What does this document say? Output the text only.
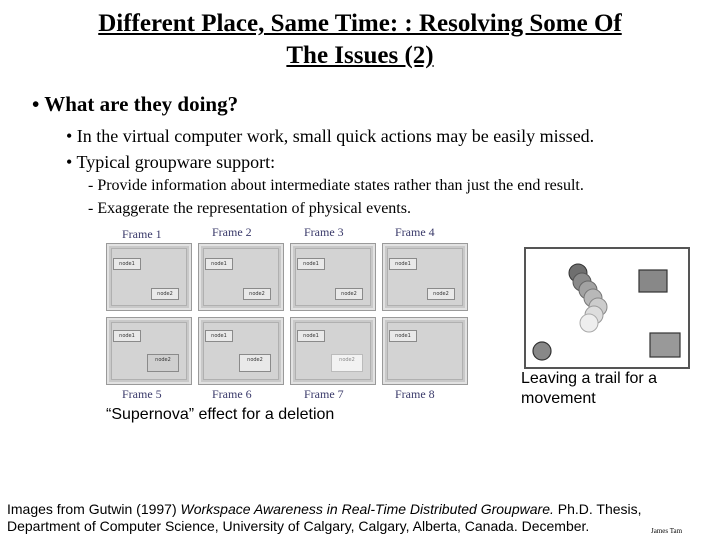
Different Place, Same Time: : Resolving Some Of
The Issues (2)
• What are they doing?
• In the virtual computer work, small quick actions may be easily missed.
• Typical groupware support:
- Provide information about intermediate states rather than just the end result.
- Exaggerate the representation of physical events.
Frame 1	Frame 2	Frame 3	Frame 4
node1
node2
node1
node2
node1
node2
node1
node2
node1
node2
node1
node2
node1
node2
node1
Frame 5	Frame 6	Frame 7	Frame 8
“Supernova” effect for a deletion
Leaving a trail for a
movement
Images from Gutwin (1997) Workspace Awareness in Real-Time Distributed Groupware. Ph.D. Thesis,
Department of Computer Science, University of Calgary, Calgary, Alberta, Canada. December.	James Tam
